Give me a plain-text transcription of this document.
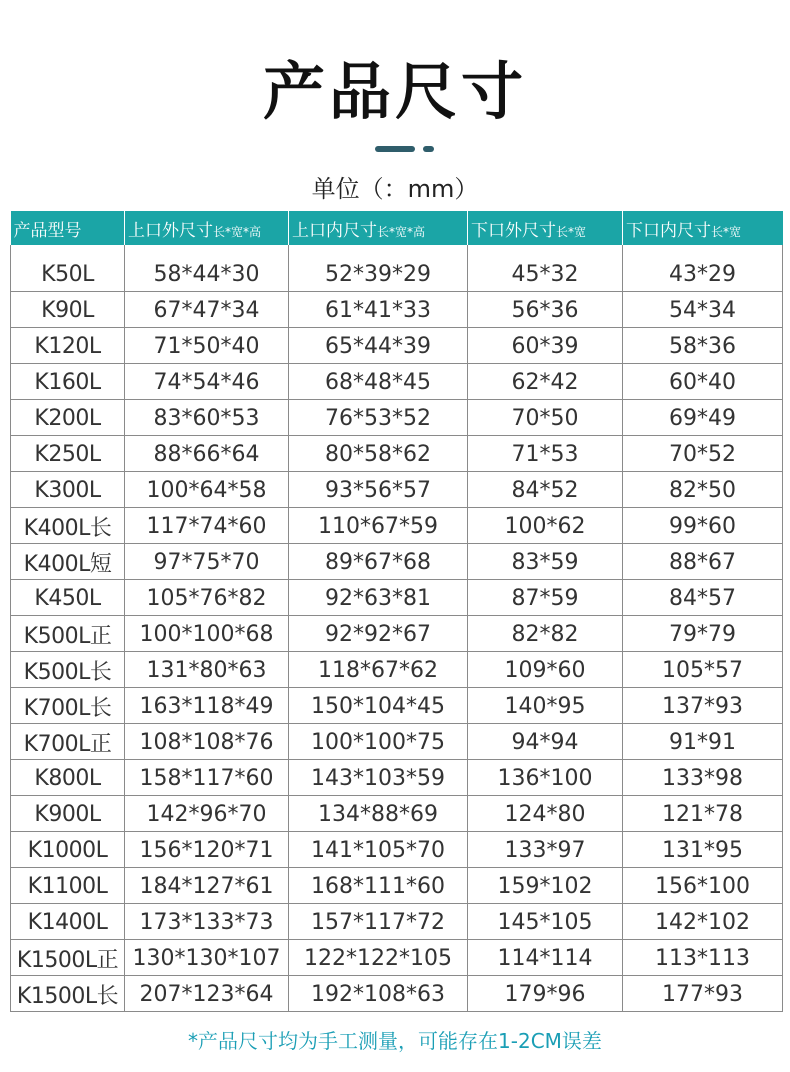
产品尺寸
单位（：mm）
产品型号	上口外尺寸长*宽*高	上口内尺寸长*宽*高	下口外尺寸长*宽	下口内尺寸长*宽
K50L	58*44*30	52*39*29	45*32	43*29
K90L	67*47*34	61*41*33	56*36	54*34
K120L	71*50*40	65*44*39	60*39	58*36
K160L	74*54*46	68*48*45	62*42	60*40
K200L	83*60*53	76*53*52	70*50	69*49
K250L	88*66*64	80*58*62	71*53	70*52
K300L	100*64*58	93*56*57	84*52	82*50
K400L长	117*74*60	110*67*59	100*62	99*60
K400L短	97*75*70	89*67*68	83*59	88*67
K450L	105*76*82	92*63*81	87*59	84*57
K500L正	100*100*68	92*92*67	82*82	79*79
K500L长	131*80*63	118*67*62	109*60	105*57
K700L长	163*118*49	150*104*45	140*95	137*93
K700L正	108*108*76	100*100*75	94*94	91*91
K800L	158*117*60	143*103*59	136*100	133*98
K900L	142*96*70	134*88*69	124*80	121*78
K1000L	156*120*71	141*105*70	133*97	131*95
K1100L	184*127*61	168*111*60	159*102	156*100
K1400L	173*133*73	157*117*72	145*105	142*102
K1500L正	130*130*107	122*122*105	114*114	113*113
K1500L长	207*123*64	192*108*63	179*96	177*93
*产品尺寸均为手工测量，可能存在1-2CM误差
